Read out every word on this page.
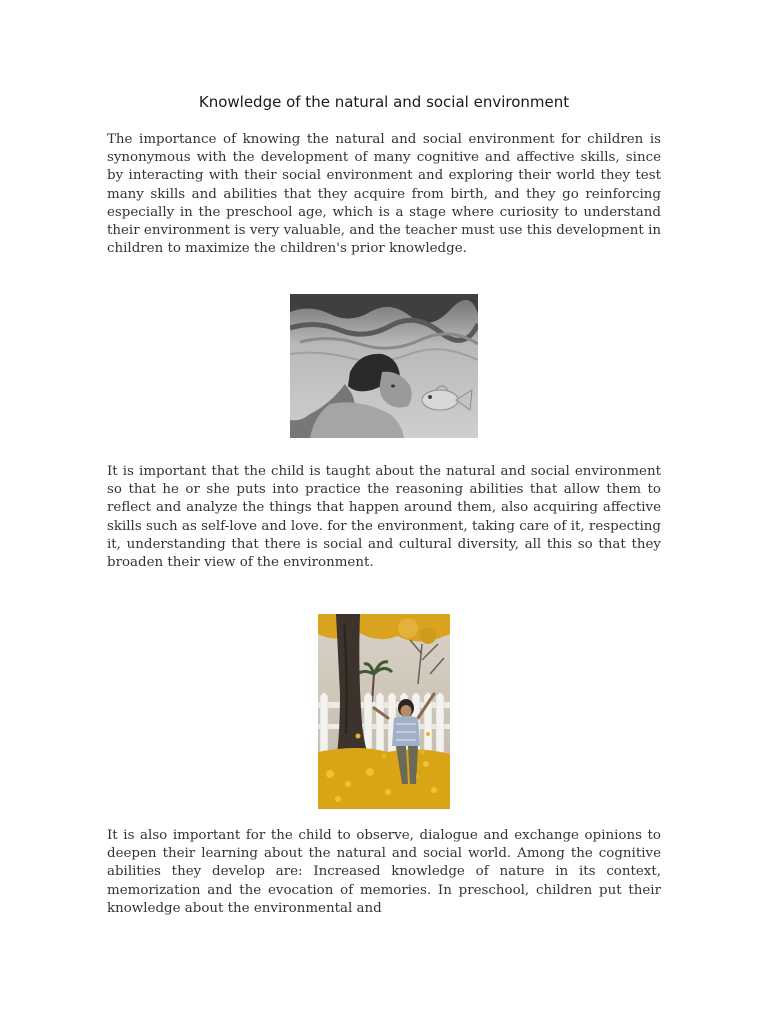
Knowledge of the natural and social environment

The importance of knowing the natural and social environment for children is synonymous with the development of many cognitive and affective skills, since by interacting with their social environment and exploring their world they test many skills and abilities that they acquire from birth, and they go reinforcing especially in the preschool age, which is a stage where curiosity to understand their environment is very valuable, and the teacher must use this development in children to maximize the children's prior knowledge.

It is important that the child is taught about the natural and social environment so that he or she puts into practice the reasoning abilities that allow them to reflect and analyze the things that happen around them, also acquiring affective skills such as self-love and love. for the environment, taking care of it, respecting it, understanding that there is social and cultural diversity, all this so that they broaden their view of the environment.

It is also important for the child to observe, dialogue and exchange opinions to deepen their learning about the natural and social world. Among the cognitive abilities they develop are: Increased knowledge of nature in its context, memorization and the evocation of memories. In preschool, children put their knowledge about the environmental and
